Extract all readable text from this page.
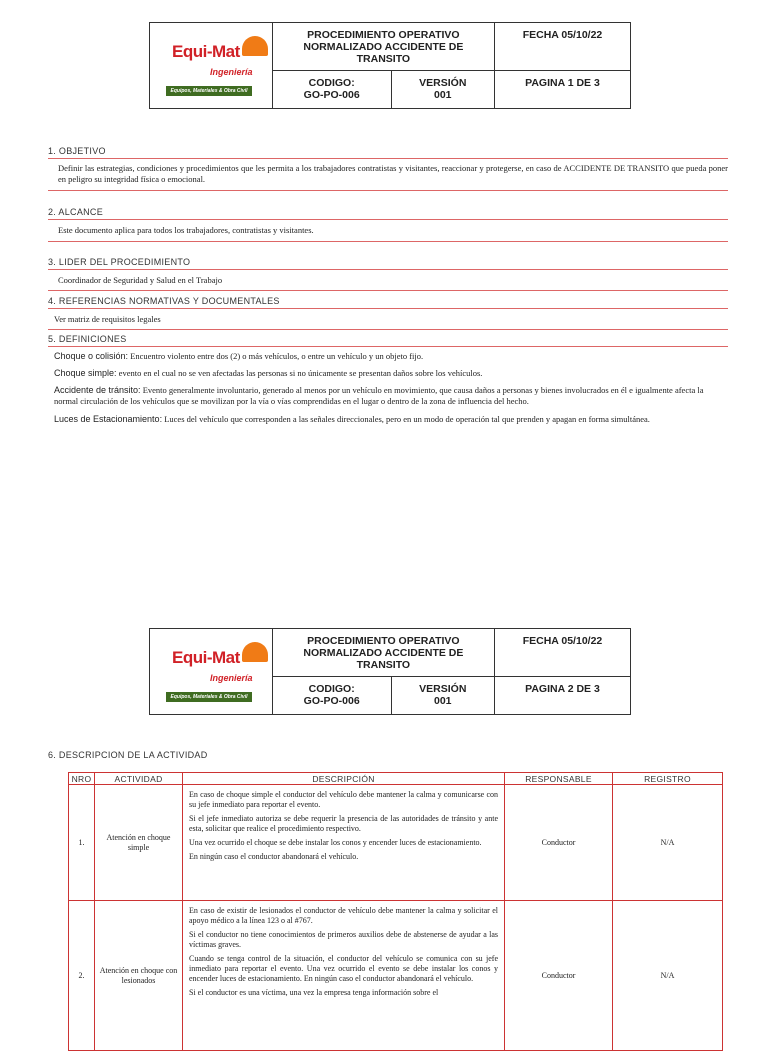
Equi-Mat
Ingeniería
Equipos, Materiales & Obra Civil	PROCEDIMIENTO OPERATIVO NORMALIZADO ACCIDENTE DE TRANSITO		FECHA 05/10/22
	CODIGO:
GO-PO-006	VERSIÓN
001	PAGINA 1 DE 3
1. OBJETIVO
Definir las estrategias, condiciones y procedimientos que les permita a los trabajadores contratistas y visitantes, reaccionar y protegerse, en caso de ACCIDENTE DE TRANSITO que pueda poner en peligro su integridad física o emocional.
2. ALCANCE
Este documento aplica para todos los trabajadores, contratistas y visitantes.
3. LIDER DEL PROCEDIMIENTO
Coordinador de Seguridad y Salud en el Trabajo
4. REFERENCIAS NORMATIVAS Y DOCUMENTALES
Ver matriz de requisitos legales
5. DEFINICIONES
Choque o colisión: Encuentro violento entre dos (2) o más vehículos, o entre un vehículo y un objeto fijo.
Choque simple: evento en el cual no se ven afectadas las personas si no únicamente se presentan daños sobre los vehículos.
Accidente de tránsito: Evento generalmente involuntario, generado al menos por un vehículo en movimiento, que causa daños a personas y bienes involucrados en él e igualmente afecta la normal circulación de los vehículos que se movilizan por la vía o vías comprendidas en el lugar o dentro de la zona de influencia del hecho.
Luces de Estacionamiento: Luces del vehículo que corresponden a las señales direccionales, pero en un modo de operación tal que prenden y apagan en forma simultánea.
Equi-Mat
Ingeniería
Equipos, Materiales & Obra Civil	PROCEDIMIENTO OPERATIVO NORMALIZADO ACCIDENTE DE TRANSITO		FECHA 05/10/22
	CODIGO:
GO-PO-006	VERSIÓN
001	PAGINA 2 DE 3
6. DESCRIPCION DE LA ACTIVIDAD
NRO	ACTIVIDAD	DESCRIPCIÓN	RESPONSABLE	REGISTRO
1.	Atención en choque simple	En caso de choque simple el conductor del vehículo debe mantener la calma y comunicarse con su jefe inmediato para reportar el evento.

Si el jefe inmediato autoriza se debe requerir la presencia de las autoridades de tránsito y ante esta, solicitar que realice el procedimiento respectivo.

Una vez ocurrido el choque se debe instalar los conos y encender luces de estacionamiento.

En ningún caso el conductor abandonará el vehículo.	Conductor	N/A
2.	Atención en choque con lesionados	En caso de existir de lesionados el conductor de vehículo debe mantener la calma y solicitar el apoyo médico a la línea 123 o al #767.

Si el conductor no tiene conocimientos de primeros auxilios debe de abstenerse de ayudar a las víctimas graves.

Cuando se tenga control de la situación, el conductor del vehículo se comunica con su jefe inmediato para reportar el evento. Una vez ocurrido el evento se debe instalar los conos y encender luces de estacionamiento. En ningún caso el conductor abandonará el vehículo.

Si el conductor es una víctima, una vez la empresa tenga información sobre el	Conductor	N/A
